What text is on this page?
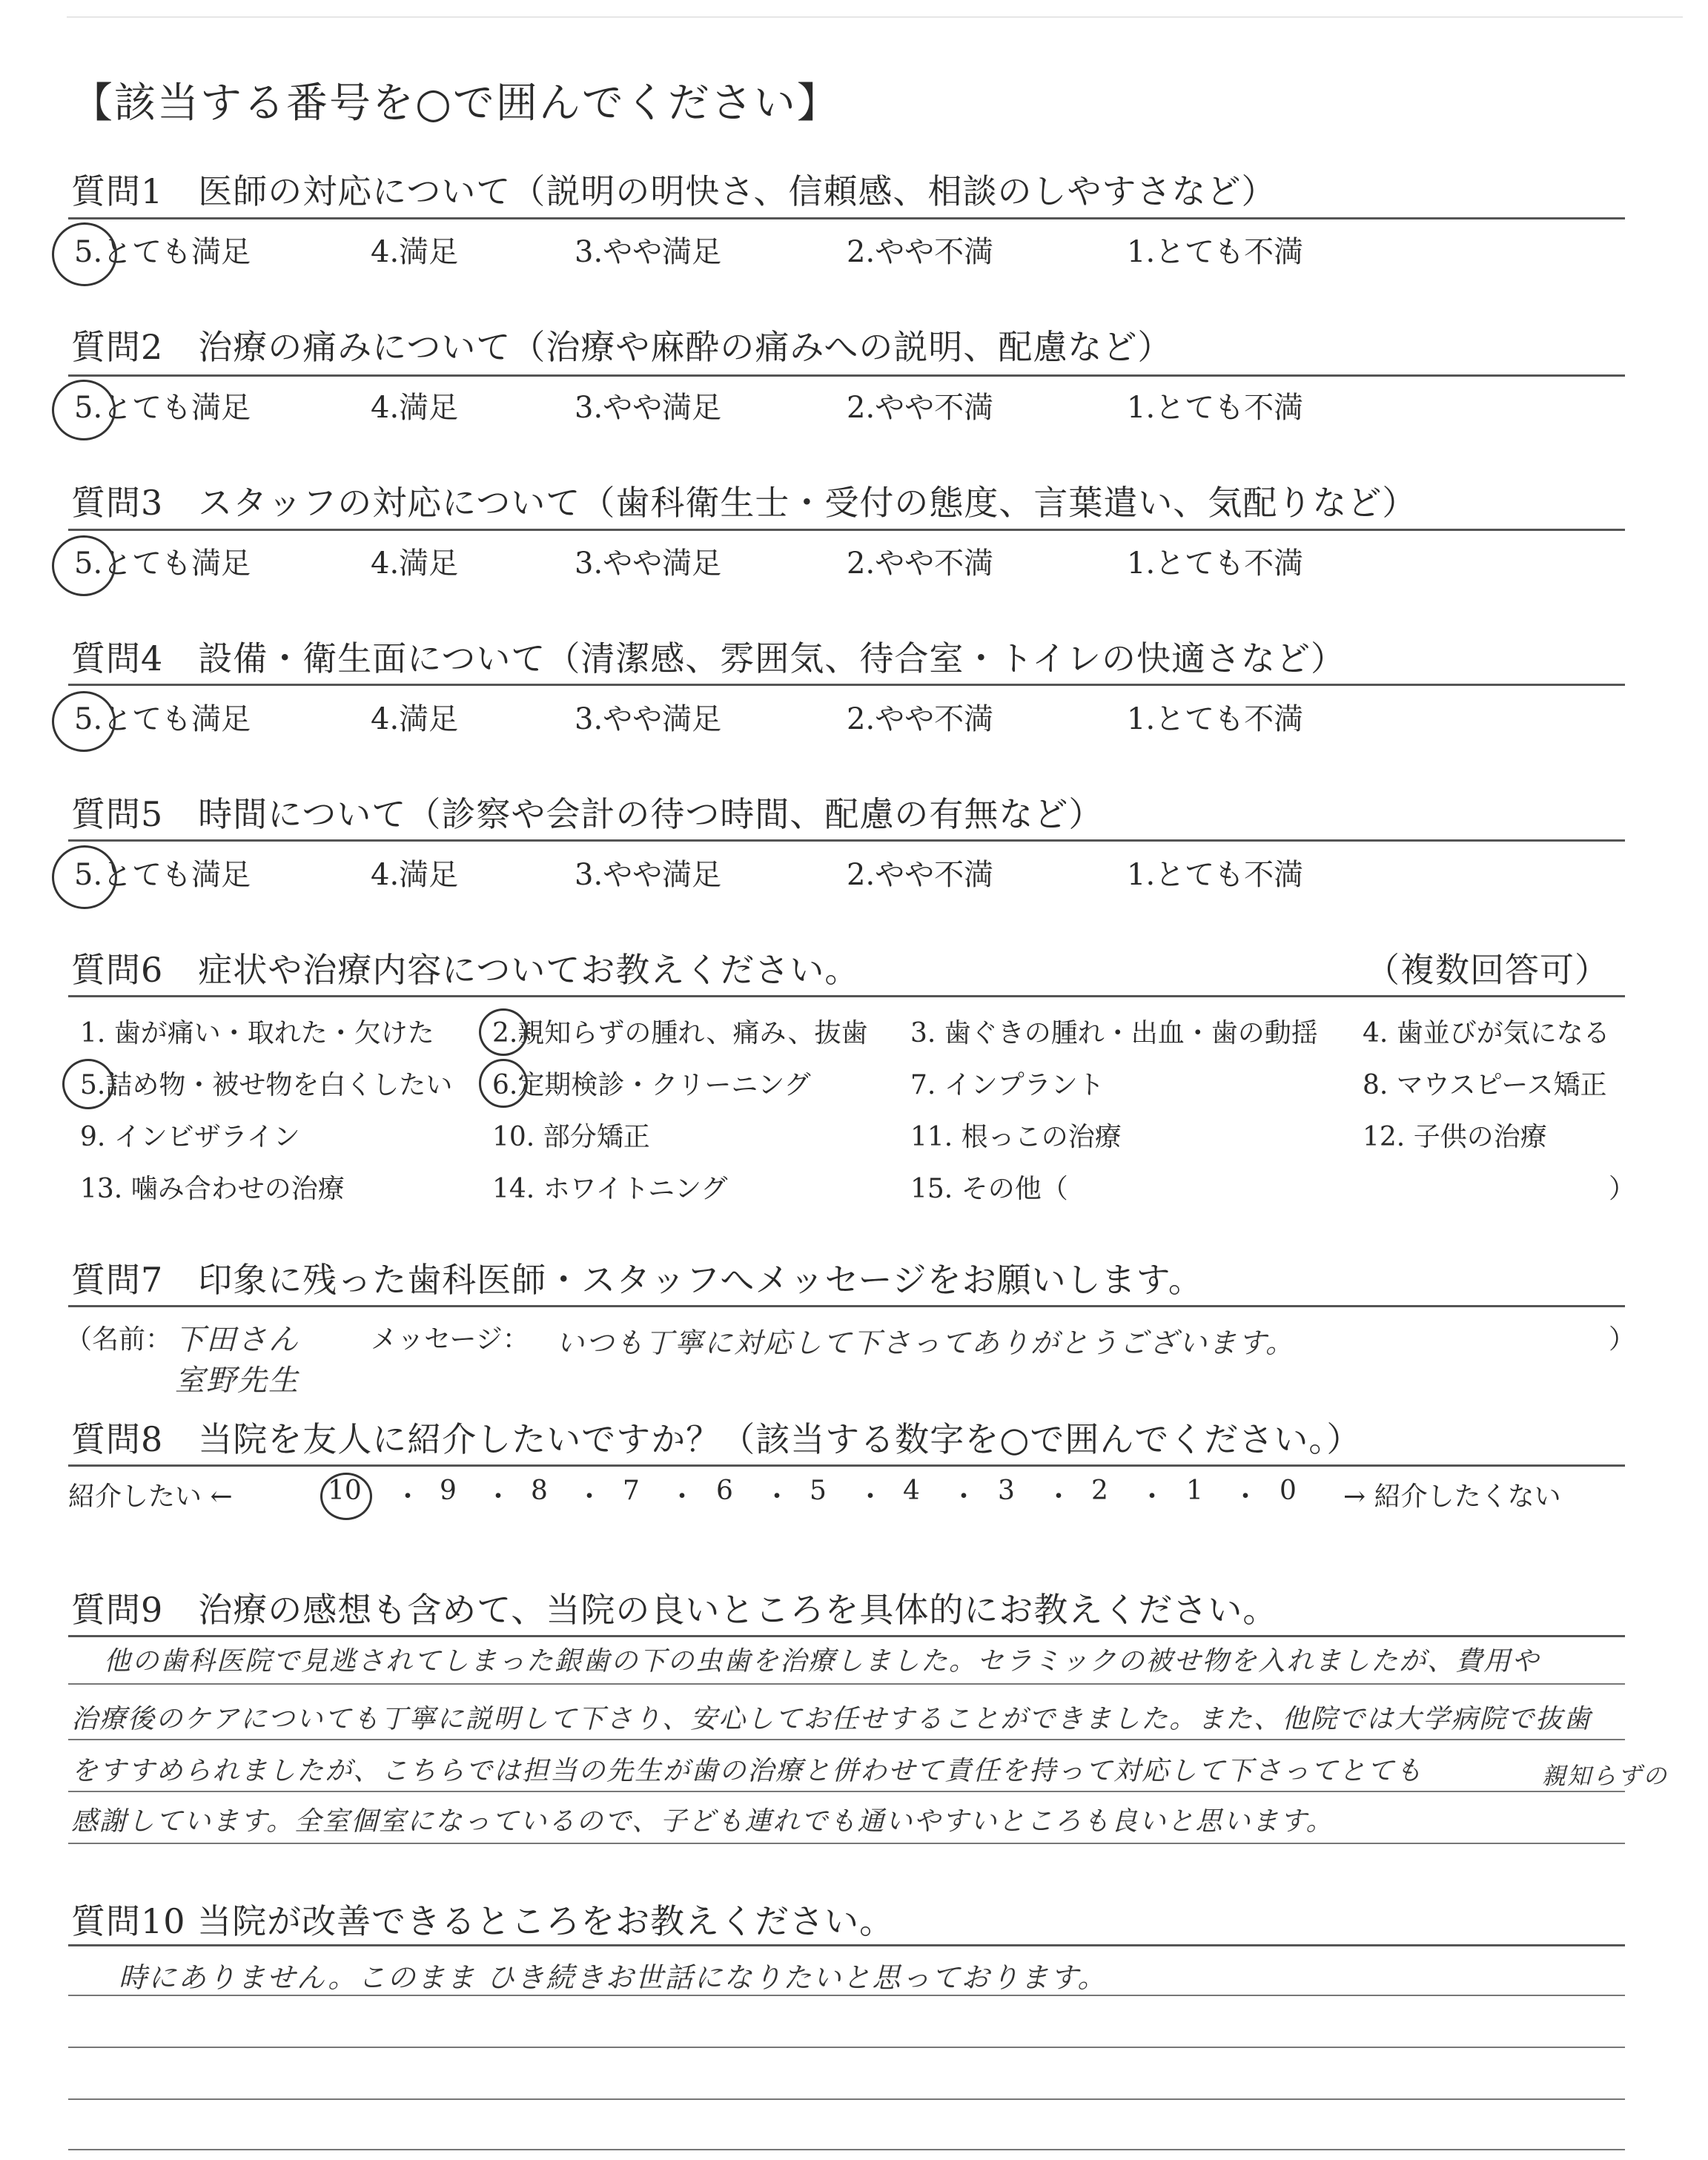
【該当する番号を○で囲んでください】
質問1　医師の対応について（説明の明快さ、信頼感、相談のしやすさなど）
5.とても満足	4.満足	3.やや満足	2.やや不満	1.とても不満
質問2　治療の痛みについて（治療や麻酔の痛みへの説明、配慮など）
5.とても満足	4.満足	3.やや満足	2.やや不満	1.とても不満
質問3　スタッフの対応について（歯科衛生士・受付の態度、言葉遣い、気配りなど）
5.とても満足	4.満足	3.やや満足	2.やや不満	1.とても不満
質問4　設備・衛生面について（清潔感、雰囲気、待合室・トイレの快適さなど）
5.とても満足	4.満足	3.やや満足	2.やや不満	1.とても不満
質問5　時間について（診察や会計の待つ時間、配慮の有無など）
5.とても満足	4.満足	3.やや満足	2.やや不満	1.とても不満
質問6　症状や治療内容についてお教えください。	（複数回答可）
1. 歯が痛い・取れた・欠けた 2.親知らずの腫れ、痛み、抜歯 3. 歯ぐきの腫れ・出血・歯の動揺 4. 歯並びが気になる
5.詰め物・被せ物を白くしたい 6.定期検診・クリーニング	7. インプラント	8. マウスピース矯正
9. インビザライン	10. 部分矯正	11. 根っこの治療	12. 子供の治療
13. 噛み合わせの治療	14. ホワイトニング	15. その他（	）
質問7　印象に残った歯科医師・スタッフへメッセージをお願いします。
（名前： 下田さん
室野先生
メッセージ： いつも丁寧に対応して下さってありがとうございます。	）
質問8　当院を友人に紹介したいですか？（該当する数字を○で囲んでください。）
紹介したい ←	10 ・ 9 ・ 8 ・ 7 ・ 6 ・ 5 ・ 4 ・ 3 ・ 2 ・ 1 ・ 0 → 紹介したくない
質問9　治療の感想も含めて、当院の良いところを具体的にお教えください。
他の歯科医院で見逃されてしまった銀歯の下の虫歯を治療しました。セラミックの被せ物を入れましたが、費用や
治療後のケアについても丁寧に説明して下さり、安心してお任せすることができました。また、他院では大学病院で抜歯
をすすめられましたが、こちらでは担当の先生が歯の治療と併わせて責任を持って対応して下さってとても	親知らずの
感謝しています。全室個室になっているので、子ども連れでも通いやすいところも良いと思います。
質問10 当院が改善できるところをお教えください。
時にありません。このまま ひき続きお世話になりたいと思っております。
